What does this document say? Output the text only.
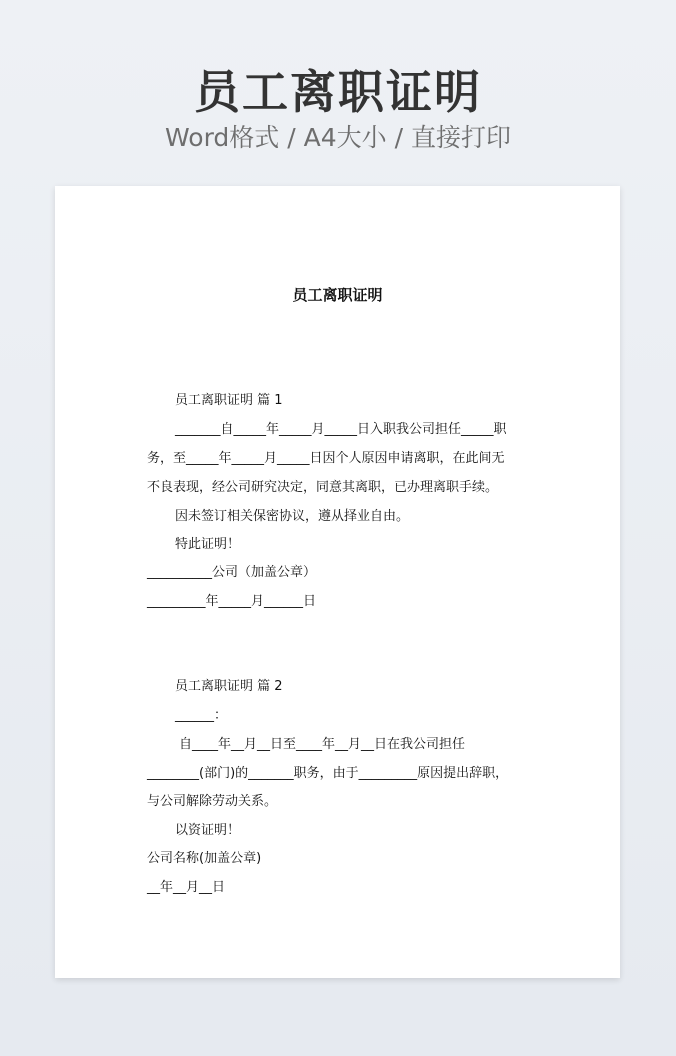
员工离职证明
Word格式 / A4大小 / 直接打印
员工离职证明
员工离职证明 篇 1
_______自_____年_____月_____日入职我公司担任_____职
务，至_____年_____月_____日因个人原因申请离职，在此间无
不良表现，经公司研究决定，同意其离职，已办理离职手续。
因未签订相关保密协议，遵从择业自由。
特此证明！
__________公司（加盖公章）
_________年_____月______日
员工离职证明 篇 2
______：
自____年__月__日至____年__月__日在我公司担任
________(部门)的_______职务，由于_________原因提出辞职，
与公司解除劳动关系。
以资证明！
公司名称(加盖公章)
__年__月__日
